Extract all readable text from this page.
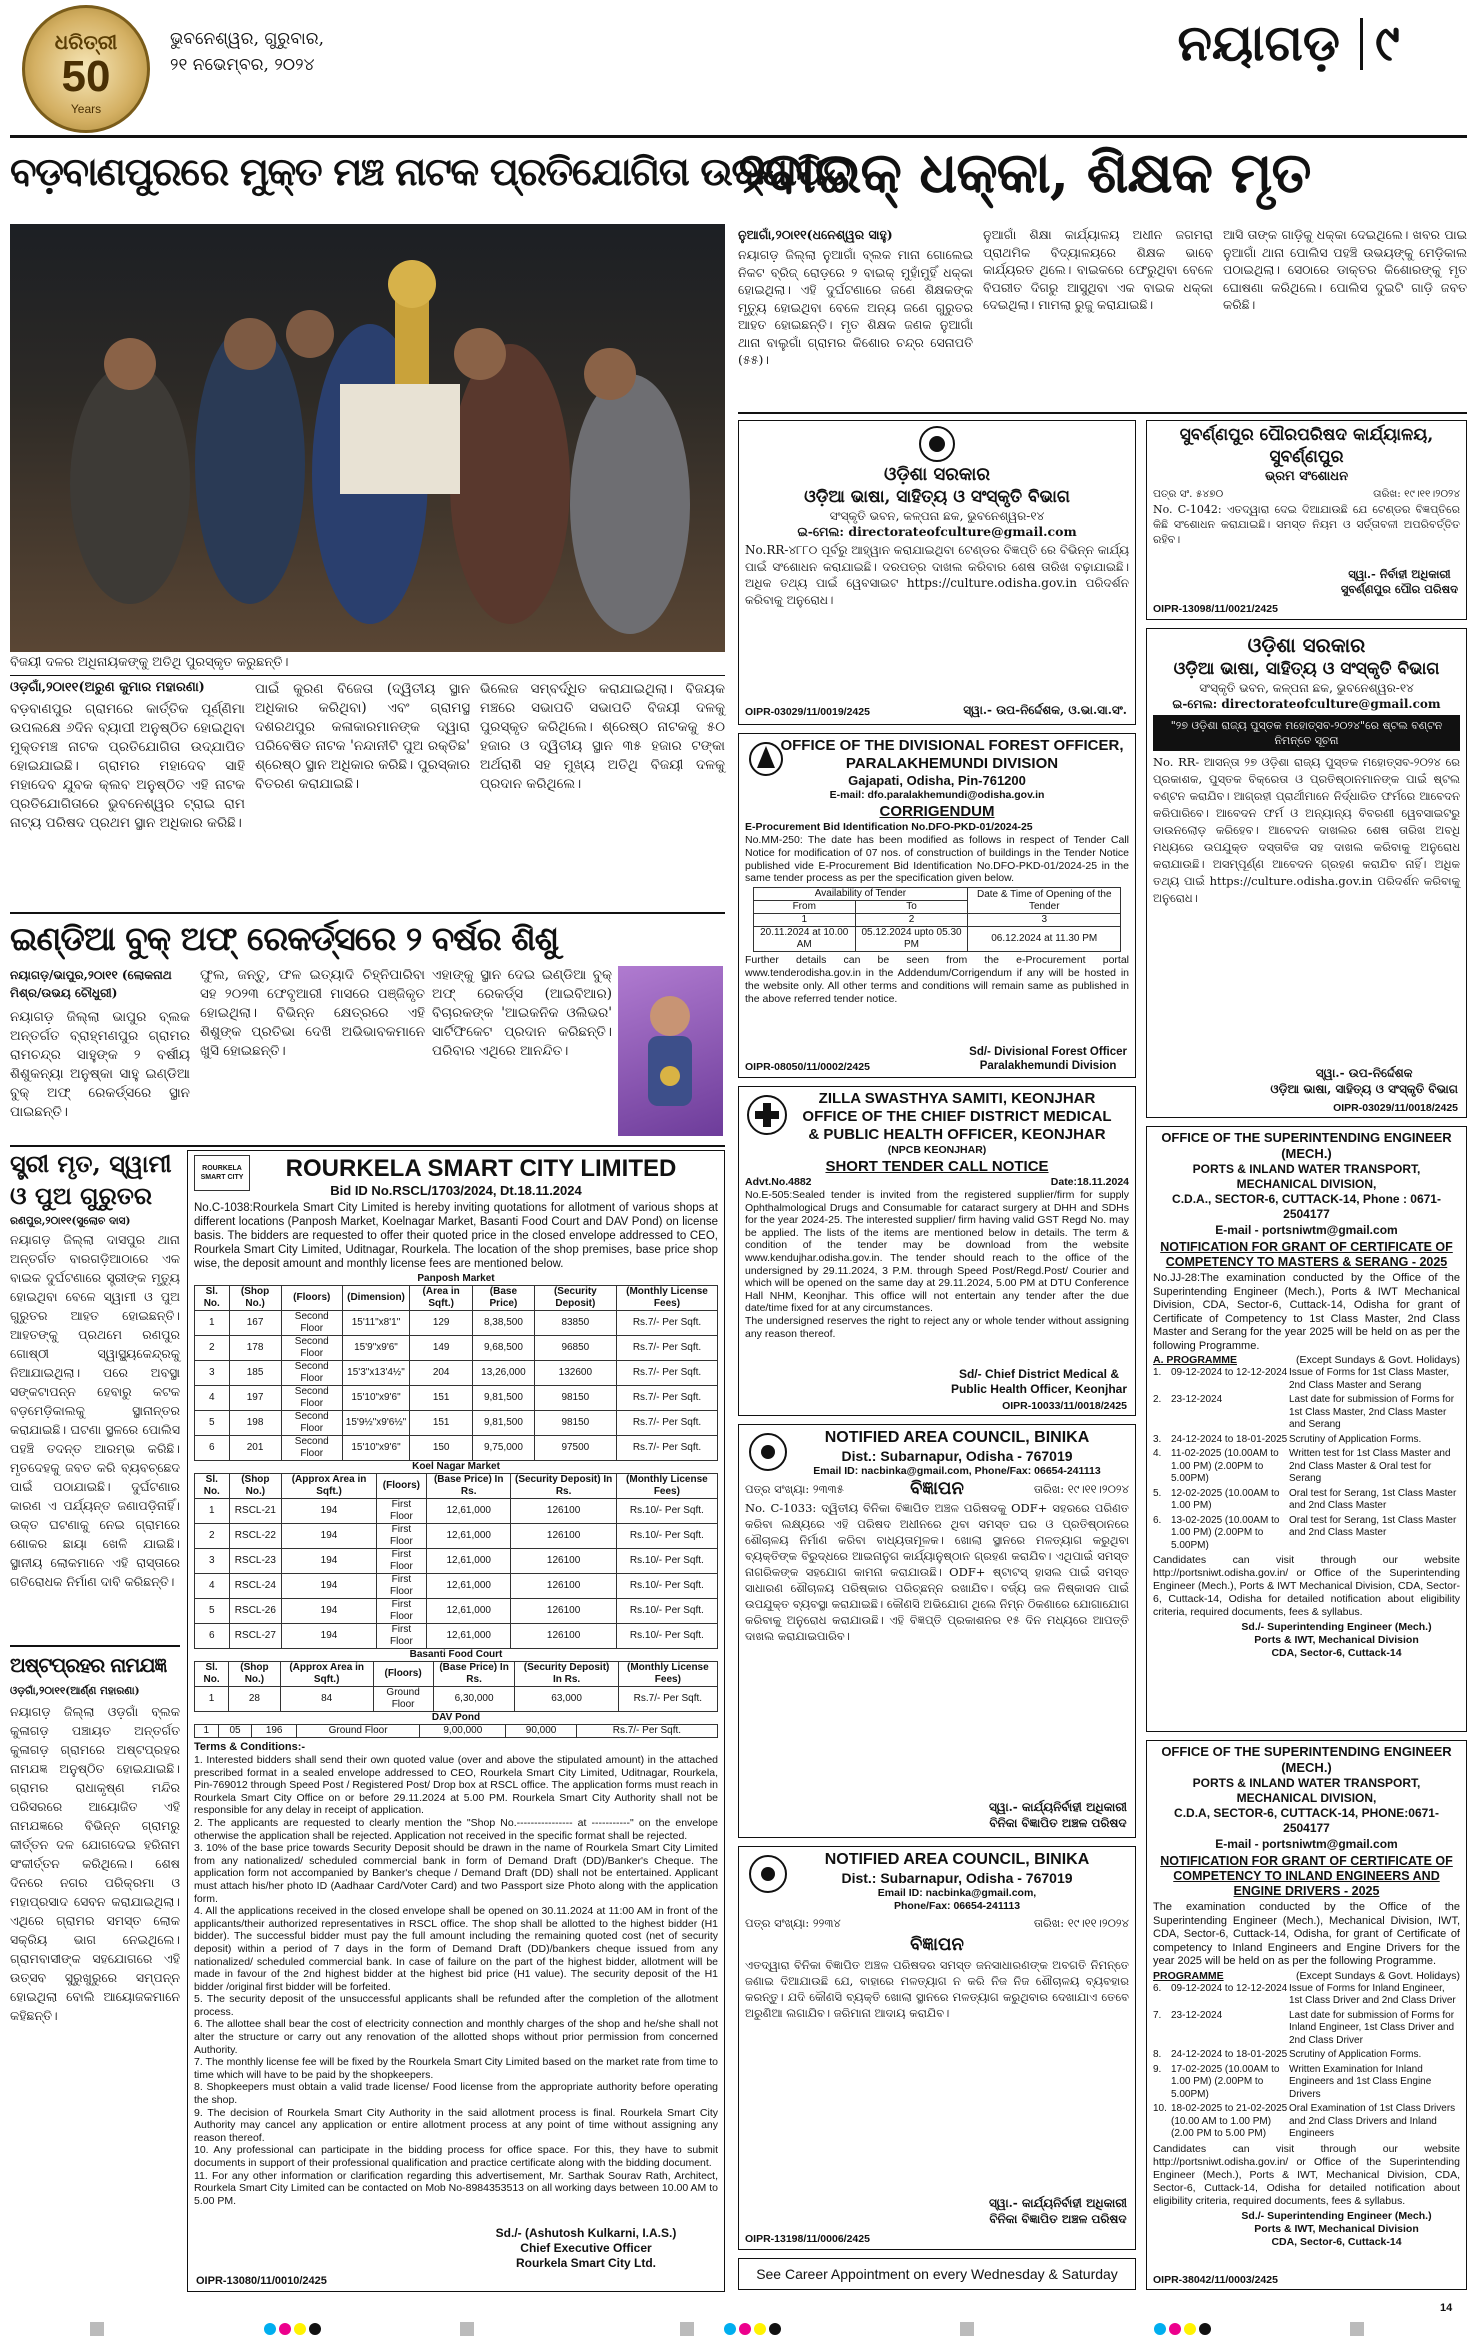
ଧରିତ୍ରୀ
50
Years
ଭୁବନେଶ୍ୱର, ଗୁରୁବାର,
୨୧ ନଭେମ୍ବର, ୨୦୨୪	ନୟାଗଡ଼ ୯
ବଡ଼ବାଣପୁରରେ ମୁକ୍ତ ମଞ୍ଚ ନାଟକ ପ୍ରତିଯୋଗିତା ଉଦ୍‌ଯାପିତ
୨ବାଇକ୍ ଧକ୍କା, ଶିକ୍ଷକ ମୃତ
ବିଜୟୀ ଦଳର ଅଧିନାୟକଙ୍କୁ ଅତିଥି ପୁରସ୍କୃତ କରୁଛନ୍ତି।
ଓଡ଼ଗାଁ,୨୦ା୧୧(ଅରୁଣ କୁମାର ମହାରଣା)
ବଡ଼ବାଣପୁର ଗ୍ରାମରେ କାର୍ତ୍ତିକ ପୂର୍ଣ୍ଣିମା ଉପଲକ୍ଷେ ୬ଦିନ ବ୍ୟାପୀ ଅନୁଷ୍ଠିତ ହୋଇଥିବା ମୁକ୍ତମଞ୍ଚ ନାଟକ ପ୍ରତିଯୋଗିତା ଉଦ୍‌ଯାପିତ ହୋଇଯାଇଛି। ଗ୍ରାମର ମହାଦେବ ସାହି ମହାଦେବ ଯୁବକ କ୍ଲବ ଅନୁଷ୍ଠିତ ଏହି ନାଟକ ପ୍ରତିଯୋଗିତାରେ ଭୁବନେଶ୍ୱର ଟ୍ରାଇ ରାମ ନାଟ୍ୟ ପରିଷଦ ପ୍ରଥମ ସ୍ଥାନ ଅଧିକାର କରିଛି।
ପାଇଁ କୁରଣ ବିଜେତା (ଦ୍ୱିତୀୟ ସ୍ଥାନ ଅଧିକାର କରିଥିବା) ଏବଂ ଗ୍ରାମସ୍ଥ ଦଶରଥପୁର କଳାକାରମାନଙ୍କ ଦ୍ୱାରା ପରିବେଷିତ ନାଟକ 'ନନ୍ଦାନୀଟି ପୁଅ ରକ୍ତିଛ' ଶ୍ରେଷ୍ଠ ସ୍ଥାନ ଅଧିକାର କରିଛି। ପୁରସ୍କାର ବିତରଣ କରାଯାଇଛି।
ଭିଲେଜ ସମ୍ବର୍ଦ୍ଧିତ କରାଯାଇଥିଲା। ବିଜୟକ ମଞ୍ଚରେ ସଭାପତି ସଭାପତି ବିଜୟୀ ଦଳକୁ ପୁରସ୍କୃତ କରିଥିଲେ। ଶ୍ରେଷ୍ଠ ନାଟକକୁ ୫୦ ହଜାର ଓ ଦ୍ୱିତୀୟ ସ୍ଥାନ ୩୫ ହଜାର ଟଙ୍କା ଅର୍ଥରାଶି ସହ ମୁଖ୍ୟ ଅତିଥି ବିଜୟୀ ଦଳକୁ ପ୍ରଦାନ କରିଥିଲେ।
ଇଣ୍ଡିଆ ବୁକ୍ ଅଫ୍ ରେକର୍ଡ୍‌ସରେ ୨ ବର୍ଷର ଶିଶୁ
ନୟାଗଡ଼/ଭାପୁର,୨୦ା୧୧ (ଲୋକନାଥ ମିଶ୍ର/ଉଭୟ ଚୌଧୁରୀ)
ନୟାଗଡ଼ ଜିଲ୍ଲା ଭାପୁର ବ୍ଲକ ଅନ୍ତର୍ଗତ ବ୍ରାହ୍ମଣପୁର ଗ୍ରାମର ରାମଚନ୍ଦ୍ର ସାହୁଙ୍କ ୨ ବର୍ଷୀୟ ଶିଶୁକନ୍ୟା ଅନୁଷ୍କା ସାହୁ ଇଣ୍ଡିଆ ବୁକ୍ ଅଫ୍ ରେକର୍ଡ୍‌ସରେ ସ୍ଥାନ ପାଇଛନ୍ତି।
ଫୁଲ, ଜନ୍ତୁ, ଫଳ ଇତ୍ୟାଦି ଚିହ୍ନିପାରିବା ସହ ୨୦୨୩ ଫେବୃଆରୀ ମାସରେ ପଞ୍ଜିକୃତ ହୋଇଥିଲା। ବିଭିନ୍ନ କ୍ଷେତ୍ରରେ ଏହି ଶିଶୁଙ୍କ ପ୍ରତିଭା ଦେଖି ଅଭିଭାବକମାନେ ଖୁସି ହୋଇଛନ୍ତି।
ଏହାଙ୍କୁ ସ୍ଥାନ ଦେଇ ଇଣ୍ଡିଆ ବୁକ୍ ଅଫ୍ ରେକର୍ଡ୍‌ସ (ଆଇବିଆର) ବିଚାରକଙ୍କ 'ଆଇକନିକ ଓଲିଭର' ସାର୍ଟିଫିକେଟ ପ୍ରଦାନ କରିଛନ୍ତି। ପରିବାର ଏଥିରେ ଆନନ୍ଦିତ।
ସ୍ତ୍ରୀ ମୃତ, ସ୍ୱାମୀ ଓ ପୁଅ ଗୁରୁତର
ରଣପୁର,୨୦ା୧୧(ସୁଲୋଚ ଦାସ)
ନୟାଗଡ଼ ଜିଲ୍ଲା ଦାସପୁର ଥାନା ଅନ୍ତର୍ଗତ ବାରଗଡ଼ିଆଠାରେ ଏକ ବାଇକ ଦୁର୍ଘଟଣାରେ ସ୍ତ୍ରୀଙ୍କ ମୃତ୍ୟୁ ହୋଇଥିବା ବେଳେ ସ୍ୱାମୀ ଓ ପୁଅ ଗୁରୁତର ଆହତ ହୋଇଛନ୍ତି। ଆହତଙ୍କୁ ପ୍ରଥମେ ରଣପୁର ଗୋଷ୍ଠୀ ସ୍ୱାସ୍ଥ୍ୟକେନ୍ଦ୍ରକୁ ନିଆଯାଇଥିଲା। ପରେ ଅବସ୍ଥା ସଙ୍କଟାପନ୍ନ ହେବାରୁ କଟକ ବଡ଼ମେଡ଼ିକାଲକୁ ସ୍ଥାନାନ୍ତର କରାଯାଇଛି। ଘଟଣା ସ୍ଥଳରେ ପୋଲିସ ପହଞ୍ଚି ତଦନ୍ତ ଆରମ୍ଭ କରିଛି। ମୃତଦେହକୁ ଜବତ କରି ବ୍ୟବଚ୍ଛେଦ ପାଇଁ ପଠାଯାଇଛି। ଦୁର୍ଘଟଣାର କାରଣ ଏ ପର୍ଯ୍ୟନ୍ତ ଜଣାପଡ଼ିନାହିଁ। ଉକ୍ତ ଘଟଣାକୁ ନେଇ ଗ୍ରାମରେ ଶୋକର ଛାୟା ଖେଳି ଯାଇଛି। ସ୍ଥାନୀୟ ଲୋକମାନେ ଏହି ରାସ୍ତାରେ ଗତିରୋଧକ ନିର୍ମାଣ ଦାବି କରିଛନ୍ତି।
ଅଷ୍ଟପ୍ରହର ନାମଯଜ୍ଞ
ଓଡ଼ଗାଁ,୨୦ା୧୧(ଆର୍ଣ୍ଣ ମହାରଣା)
ନୟାଗଡ଼ ଜିଲ୍ଲା ଓଡ଼ଗାଁ ବ୍ଲକ କୁଳାଗଡ଼ ପଞ୍ଚାୟତ ଅନ୍ତର୍ଗତ କୁଳାଗଡ଼ ଗ୍ରାମରେ ଅଷ୍ଟପ୍ରହର ନାମଯଜ୍ଞ ଅନୁଷ୍ଠିତ ହୋଇଯାଇଛି। ଗ୍ରାମର ରାଧାକୃଷ୍ଣ ମନ୍ଦିର ପରିସରରେ ଆୟୋଜିତ ଏହି ନାମଯଜ୍ଞରେ ବିଭିନ୍ନ ଗ୍ରାମରୁ କୀର୍ତ୍ତନ ଦଳ ଯୋଗଦେଇ ହରିନାମ ସଂକୀର୍ତ୍ତନ କରିଥିଲେ। ଶେଷ ଦିନରେ ନଗର ପରିକ୍ରମା ଓ ମହାପ୍ରସାଦ ସେବନ କରାଯାଇଥିଲା। ଏଥିରେ ଗ୍ରାମର ସମସ୍ତ ଲୋକ ସକ୍ରିୟ ଭାଗ ନେଇଥିଲେ। ଗ୍ରାମବାସୀଙ୍କ ସହଯୋଗରେ ଏହି ଉତ୍ସବ ସୁରୁଖୁରୁରେ ସମ୍ପନ୍ନ ହୋଇଥିଲା ବୋଲି ଆୟୋଜକମାନେ କହିଛନ୍ତି।
ROURKELA SMART CITY	ROURKELA SMART CITY LIMITED
Bid ID No.RSCL/1703/2024, Dt.18.11.2024
No.C-1038:Rourkela Smart City Limited is hereby inviting quotations for allotment of various shops at different locations (Panposh Market, Koelnagar Market, Basanti Food Court and DAV Pond) on license basis. The bidders are requested to offer their quoted price in the closed envelope addressed to CEO, Rourkela Smart City Limited, Uditnagar, Rourkela. The location of the shop premises, base price shop wise, the deposit amount and monthly license fees are mentioned below.
Panposh Market
Sl. No.	(Shop No.)	(Floors)	(Dimension)	(Area in Sqft.)	(Base Price)	(Security Deposit)	(Monthly License Fees)
1	167	Second Floor	15'11"x8'1"	129	8,38,500	83850	Rs.7/- Per Sqft.
2	178	Second Floor	15'9"x9'6"	149	9,68,500	96850	Rs.7/- Per Sqft.
3	185	Second Floor	15'3"x13'4½"	204	13,26,000	132600	Rs.7/- Per Sqft.
4	197	Second Floor	15'10"x9'6"	151	9,81,500	98150	Rs.7/- Per Sqft.
5	198	Second Floor	15'9½"x9'6½"	151	9,81,500	98150	Rs.7/- Per Sqft.
6	201	Second Floor	15'10"x9'6"	150	9,75,000	97500	Rs.7/- Per Sqft.
Koel Nagar Market
Sl. No.	(Shop No.)	(Approx Area in Sqft.)	(Floors)	(Base Price) In Rs.	(Security Deposit) In Rs.	(Monthly License Fees)
1	RSCL-21	194	First Floor	12,61,000	126100	Rs.10/- Per Sqft.
2	RSCL-22	194	First Floor	12,61,000	126100	Rs.10/- Per Sqft.
3	RSCL-23	194	First Floor	12,61,000	126100	Rs.10/- Per Sqft.
4	RSCL-24	194	First Floor	12,61,000	126100	Rs.10/- Per Sqft.
5	RSCL-26	194	First Floor	12,61,000	126100	Rs.10/- Per Sqft.
6	RSCL-27	194	First Floor	12,61,000	126100	Rs.10/- Per Sqft.
Basanti Food Court
Sl. No.	(Shop No.)	(Approx Area in Sqft.)	(Floors)	(Base Price) In Rs.	(Security Deposit) In Rs.	(Monthly License Fees)
1	28	84	Ground Floor	6,30,000	63,000	Rs.7/- Per Sqft.
DAV Pond
1	05	196	Ground Floor	9,00,000	90,000	Rs.7/- Per Sqft.
Terms & Conditions:-
1. Interested bidders shall send their own quoted value (over and above the stipulated amount) in the attached prescribed format in a sealed envelope addressed to CEO, Rourkela Smart City Limited, Uditnagar, Rourkela, Pin-769012 through Speed Post / Registered Post/ Drop box at RSCL office. The application forms must reach in Rourkela Smart City Office on or before 29.11.2024 at 5.00 PM. Rourkela Smart City Authority shall not be responsible for any delay in receipt of application.
2. The applicants are requested to clearly mention the "Shop No.---------------- at -----------" on the envelope otherwise the application shall be rejected. Application not received in the specific format shall be rejected.
3. 10% of the base price towards Security Deposit should be drawn in the name of Rourkela Smart City Limited from any nationalized/ scheduled commercial bank in form of Demand Draft (DD)/Banker's Cheque. The application form not accompanied by Banker's cheque / Demand Draft (DD) shall not be entertained. Applicant must attach his/her photo ID (Aadhaar Card/Voter Card) and two Passport size Photo along with the application form.
4. All the applications received in the closed envelope shall be opened on 30.11.2024 at 11:00 AM in front of the applicants/their authorized representatives in RSCL office. The shop shall be allotted to the highest bidder (H1 bidder). The successful bidder must pay the full amount including the remaining quoted cost (net of security deposit) within a period of 7 days in the form of Demand Draft (DD)/bankers cheque issued from any nationalized/ scheduled commercial bank. In case of failure on the part of the highest bidder, allotment will be made in favour of the 2nd highest bidder at the highest bid price (H1 value). The security deposit of the H1 bidder /original first bidder will be forfeited.
5. The security deposit of the unsuccessful applicants shall be refunded after the completion of the allotment process.
6. The allottee shall bear the cost of electricity connection and monthly charges of the shop and he/she shall not alter the structure or carry out any renovation of the allotted shops without prior permission from concerned Authority.
7. The monthly license fee will be fixed by the Rourkela Smart City Limited based on the market rate from time to time which will have to be paid by the shopkeepers.
8. Shopkeepers must obtain a valid trade license/ Food license from the appropriate authority before operating the shop.
9. The decision of Rourkela Smart City Authority in the said allotment process is final. Rourkela Smart City Authority may cancel any application or entire allotment process at any point of time without assigning any reason thereof.
10. Any professional can participate in the bidding process for office space. For this, they have to submit documents in support of their professional qualification and practice certificate along with the bidding document.
11. For any other information or clarification regarding this advertisement, Mr. Sarthak Sourav Rath, Architect, Rourkela Smart City Limited can be contacted on Mob No-8984353513 on all working days between 10.00 AM to 5.00 PM.
Sd./- (Ashutosh Kulkarni, I.A.S.)
Chief Executive Officer
Rourkela Smart City Ltd.
OIPR-13080/11/0010/2425
ନୁଆଗାଁ,୨୦ା୧୧(ଧନେଶ୍ୱର ସାହୁ)
ନୟାଗଡ଼ ଜିଲ୍ଲା ନୁଆଗାଁ ବ୍ଲକ ମାନା ଗୋଲେଇ ନିକଟ ବ୍ରିଜ୍ ରୋଡ଼ରେ ୨ ବାଇକ୍ ମୁହାଁମୁହିଁ ଧକ୍କା ହୋଇଥିଲା। ଏହି ଦୁର୍ଘଟଣାରେ ଜଣେ ଶିକ୍ଷକଙ୍କ ମୃତ୍ୟୁ ହୋଇଥିବା ବେଳେ ଅନ୍ୟ ଜଣେ ଗୁରୁତର ଆହତ ହୋଇଛନ୍ତି। ମୃତ ଶିକ୍ଷକ ଜଣକ ନୁଆଗାଁ ଥାନା ବାଲୁଗାଁ ଗ୍ରାମର କିଶୋର ଚନ୍ଦ୍ର ସେନାପତି (୫୫)।
ନୁଆଗାଁ ଶିକ୍ଷା କାର୍ଯ୍ୟାଳୟ ଅଧୀନ ଜଗମରା ପ୍ରାଥମିକ ବିଦ୍ୟାଳୟରେ ଶିକ୍ଷକ ଭାବେ କାର୍ଯ୍ୟରତ ଥିଲେ। ବାଇକରେ ଫେରୁଥିବା ବେଳେ ବିପରୀତ ଦିଗରୁ ଆସୁଥିବା ଏକ ବାଇକ ଧକ୍କା ଦେଇଥିଲା। ମାମଲା ରୁଜୁ କରାଯାଇଛି।
ଆସି ତାଙ୍କ ଗାଡ଼ିକୁ ଧକ୍କା ଦେଇଥିଲେ। ଖବର ପାଇ ନୁଆଗାଁ ଥାନା ପୋଲିସ ପହଞ୍ଚି ଉଭୟଙ୍କୁ ମେଡ଼ିକାଲ ପଠାଇଥିଲା। ସେଠାରେ ଡାକ୍ତର କିଶୋରଙ୍କୁ ମୃତ ଘୋଷଣା କରିଥିଲେ। ପୋଲିସ ଦୁଇଟି ଗାଡ଼ି ଜବତ କରିଛି।
ଓଡ଼ିଶା ସରକାର
ଓଡ଼ିଆ ଭାଷା, ସାହିତ୍ୟ ଓ ସଂସ୍କୃତି ବିଭାଗ
ସଂସ୍କୃତି ଭବନ, କଳ୍ପନା ଛକ, ଭୁବନେଶ୍ୱର-୧୪
ଇ-ମେଲ: directorateofculture@gmail.com
No.RR-୪୮୮୦ ପୂର୍ବରୁ ଆହ୍ୱାନ କରାଯାଇଥିବା ଟେଣ୍ଡର ବିଜ୍ଞପ୍ତି ରେ ବିଭିନ୍ନ କାର୍ଯ୍ୟ ପାଇଁ ସଂଶୋଧନ କରାଯାଇଛି। ଦରପତ୍ର ଦାଖଲ କରିବାର ଶେଷ ତାରିଖ ବଢ଼ାଯାଇଛି। ଅଧିକ ତଥ୍ୟ ପାଇଁ ୱେବସାଇଟ https://culture.odisha.gov.in ପରିଦର୍ଶନ କରିବାକୁ ଅନୁରୋଧ।
ସ୍ୱା.- ଉପ-ନିର୍ଦ୍ଦେଶକ, ଓ.ଭା.ସା.ସଂ.
OIPR-03029/11/0019/2425
OFFICE OF THE DIVISIONAL FOREST OFFICER,
PARALAKHEMUNDI DIVISION
Gajapati, Odisha, Pin-761200
E-mail: dfo.paralakhemundi@odisha.gov.in
CORRIGENDUM
E-Procurement Bid Identification No.DFO-PKD-01/2024-25
No.MM-250: The date has been modified as follows in respect of Tender Call Notice for modification of 07 nos. of construction of buildings in the Tender Notice published vide E-Procurement Bid Identification No.DFO-PKD-01/2024-25 in the same tender process as per the specification given below.
Availability of Tender		Date & Time of Opening of the Tender
From	To	
1	2	3
20.11.2024 at 10.00 AM	05.12.2024 upto 05.30 PM	06.12.2024 at 11.30 PM
Further details can be seen from the e-Procurement portal www.tenderodisha.gov.in in the Addendum/Corrigendum if any will be hosted in the website only. All other terms and conditions will remain same as published in the above referred tender notice.
Sd/- Divisional Forest Officer
Paralakhemundi Division
OIPR-08050/11/0002/2425
ZILLA SWASTHYA SAMITI, KEONJHAR
OFFICE OF THE CHIEF DISTRICT MEDICAL
& PUBLIC HEALTH OFFICER, KEONJHAR
(NPCB KEONJHAR)
SHORT TENDER CALL NOTICE
Advt.No.4882	Date:18.11.2024
No.E-505:Sealed tender is invited from the registered supplier/firm for supply Ophthalmological Drugs and Consumable for cataract surgery at DHH and SDHs for the year 2024-25. The interested supplier/ firm having valid GST Regd No. may be applied. The lists of the items are mentioned below in details. The term & condition of the tender may be download from the website www.kendujhar.odisha.gov.in. The tender should reach to the office of the undersigned by 29.11.2024, 3 P.M. through Speed Post/Regd.Post/ Courier and which will be opened on the same day at 29.11.2024, 5.00 PM at DTU Conference Hall NHM, Keonjhar. This office will not entertain any tender after the due date/time fixed for at any circumstances.
The undersigned reserves the right to reject any or whole tender without assigning any reason thereof.
Sd/- Chief District Medical &
Public Health Officer, Keonjhar
OIPR-10033/11/0018/2425
NOTIFIED AREA COUNCIL, BINIKA
Dist.: Subarnapur, Odisha - 767019
Email ID: nacbinka@gmail.com, Phone/Fax: 06654-241113
ପତ୍ର ସଂଖ୍ୟା: ୨୩୩୫	ବିଜ୍ଞାପନ	ତାରିଖ: ୧୯।୧୧।୨୦୨୪
No. C-1033: ଦ୍ୱିତୀୟ ବିନିକା ବିଜ୍ଞାପିତ ଅଞ୍ଚଳ ପରିଷଦକୁ ODF+ ସହରରେ ପରିଣତ କରିବା ଲକ୍ଷ୍ୟରେ ଏହି ପରିଷଦ ଅଧୀନରେ ଥିବା ସମସ୍ତ ଘର ଓ ପ୍ରତିଷ୍ଠାନରେ ଶୌଚାଳୟ ନିର୍ମାଣ କରିବା ବାଧ୍ୟତାମୂଳକ। ଖୋଲା ସ୍ଥାନରେ ମଳତ୍ୟାଗ କରୁଥିବା ବ୍ୟକ୍ତିଙ୍କ ବିରୁଦ୍ଧରେ ଆଇନାନୁଗ କାର୍ଯ୍ୟାନୁଷ୍ଠାନ ଗ୍ରହଣ କରାଯିବ। ଏଥିପାଇଁ ସମସ୍ତ ନାଗରିକଙ୍କ ସହଯୋଗ କାମନା କରାଯାଉଛି। ODF+ ଷ୍ଟାଟସ୍ ହାସଲ ପାଇଁ ସମସ୍ତ ସାଧାରଣ ଶୌଚାଳୟ ପରିଷ୍କାର ପରିଚ୍ଛନ୍ନ ରଖାଯିବ। ବର୍ଜ୍ୟ ଜଳ ନିଷ୍କାସନ ପାଇଁ ଉପଯୁକ୍ତ ବ୍ୟବସ୍ଥା କରାଯାଇଛି। କୌଣସି ଅଭିଯୋଗ ଥିଲେ ନିମ୍ନ ଠିକଣାରେ ଯୋଗାଯୋଗ କରିବାକୁ ଅନୁରୋଧ କରାଯାଉଛି। ଏହି ବିଜ୍ଞପ୍ତି ପ୍ରକାଶନର ୧୫ ଦିନ ମଧ୍ୟରେ ଆପତ୍ତି ଦାଖଲ କରାଯାଇପାରିବ।
ସ୍ୱା.- କାର୍ଯ୍ୟନିର୍ବାହୀ ଅଧିକାରୀ
ବିନିକା ବିଜ୍ଞାପିତ ଅଞ୍ଚଳ ପରିଷଦ
NOTIFIED AREA COUNCIL, BINIKA
Dist.: Subarnapur, Odisha - 767019
Email ID: nacbinka@gmail.com,
Phone/Fax: 06654-241113
ପତ୍ର ସଂଖ୍ୟା: ୨୨୩୪	ତାରିଖ: ୧୯।୧୧।୨୦୨୪
ବିଜ୍ଞାପନ
ଏତଦ୍ୱାରା ବିନିକା ବିଜ୍ଞାପିତ ଅଞ୍ଚଳ ପରିଷଦର ସମସ୍ତ ଜନସାଧାରଣଙ୍କ ଅବଗତି ନିମନ୍ତେ ଜଣାଇ ଦିଆଯାଉଛି ଯେ, ବାହାରେ ମଳତ୍ୟାଗ ନ କରି ନିଜ ନିଜ ଶୌଚାଳୟ ବ୍ୟବହାର କରନ୍ତୁ। ଯଦି କୌଣସି ବ୍ୟକ୍ତି ଖୋଲା ସ୍ଥାନରେ ମଳତ୍ୟାଗ କରୁଥିବାର ଦେଖାଯାଏ ତେବେ ଅରୁଣିଆ ଲଗାଯିବ। ଜରିମାନା ଆଦାୟ କରାଯିବ।
ସ୍ୱା.- କାର୍ଯ୍ୟନିର୍ବାହୀ ଅଧିକାରୀ
ବିନିକା ବିଜ୍ଞାପିତ ଅଞ୍ଚଳ ପରିଷଦ
OIPR-13198/11/0006/2425
See Career Appointment on every Wednesday & Saturday
ସୁବର୍ଣ୍ଣପୁର ପୌରପରିଷଦ କାର୍ଯ୍ୟାଳୟ, ସୁବର୍ଣ୍ଣପୁର
ଭ୍ରମ ସଂଶୋଧନ
ପତ୍ର ସଂ. ୫୪୭୦	ତାରିଖ: ୧୯।୧୧।୨୦୨୪
No. C-1042: ଏତଦ୍ୱାରା ଦେଇ ଦିଆଯାଉଛି ଯେ ଟେଣ୍ଡର ବିଜ୍ଞପ୍ତିରେ କିଛି ସଂଶୋଧନ କରାଯାଇଛି। ସମସ୍ତ ନିୟମ ଓ ସର୍ତ୍ତାବଳୀ ଅପରିବର୍ତ୍ତିତ ରହିବ।
ସ୍ୱା.- ନିର୍ବାହୀ ଅଧିକାରୀ
ସୁବର୍ଣ୍ଣପୁର ପୌର ପରିଷଦ
OIPR-13098/11/0021/2425
ଓଡ଼ିଶା ସରକାର
ଓଡ଼ିଆ ଭାଷା, ସାହିତ୍ୟ ଓ ସଂସ୍କୃତି ବିଭାଗ
ସଂସ୍କୃତି ଭବନ, କଳ୍ପନା ଛକ, ଭୁବନେଶ୍ୱର-୧୪
ଇ-ମେଲ: directorateofculture@gmail.com
"୨୭ ଓଡ଼ିଶା ରାଜ୍ୟ ପୁସ୍ତକ ମହୋତ୍ସବ-୨୦୨୪"ରେ ଷ୍ଟଲ ବଣ୍ଟନ ନିମନ୍ତେ ସୂଚନା
No. RR- ଆସନ୍ତା ୨୭ ଓଡ଼ିଶା ରାଜ୍ୟ ପୁସ୍ତକ ମହୋତ୍ସବ-୨୦୨୪ ରେ ପ୍ରକାଶକ, ପୁସ୍ତକ ବିକ୍ରେତା ଓ ପ୍ରତିଷ୍ଠାନମାନଙ୍କ ପାଇଁ ଷ୍ଟଲ ବଣ୍ଟନ କରାଯିବ। ଆଗ୍ରହୀ ପ୍ରାର୍ଥୀମାନେ ନିର୍ଦ୍ଧାରିତ ଫର୍ମରେ ଆବେଦନ କରିପାରିବେ। ଆବେଦନ ଫର୍ମ ଓ ଅନ୍ୟାନ୍ୟ ବିବରଣୀ ୱେବସାଇଟରୁ ଡାଉନଲୋଡ଼ କରିହେବ। ଆବେଦନ ଦାଖଲର ଶେଷ ତାରିଖ ଅବଧି ମଧ୍ୟରେ ଉପଯୁକ୍ତ ଦସ୍ତାବିଜ ସହ ଦାଖଲ କରିବାକୁ ଅନୁରୋଧ କରାଯାଉଛି। ଅସମ୍ପୂର୍ଣ୍ଣ ଆବେଦନ ଗ୍ରହଣ କରାଯିବ ନାହିଁ। ଅଧିକ ତଥ୍ୟ ପାଇଁ https://culture.odisha.gov.in ପରିଦର୍ଶନ କରିବାକୁ ଅନୁରୋଧ।
ସ୍ୱା.- ଉପ-ନିର୍ଦ୍ଦେଶକ
ଓଡ଼ିଆ ଭାଷା, ସାହିତ୍ୟ ଓ ସଂସ୍କୃତି ବିଭାଗ
OIPR-03029/11/0018/2425
OFFICE OF THE SUPERINTENDING ENGINEER (MECH.)
PORTS & INLAND WATER TRANSPORT, MECHANICAL DIVISION,
C.D.A., SECTOR-6, CUTTACK-14, Phone : 0671-2504177
E-mail - portsniwtm@gmail.com
NOTIFICATION FOR GRANT OF CERTIFICATE OF COMPETENCY TO MASTERS & SERANG - 2025
No.JJ-28:The examination conducted by the Office of the Superintending Engineer (Mech.), Ports & IWT Mechanical Division, CDA, Sector-6, Cuttack-14, Odisha for grant of Certificate of Competency to 1st Class Master, 2nd Class Master and Serang for the year 2025 will be held on as per the following Programme.
A. PROGRAMME	(Except Sundays & Govt. Holidays)
1. 09-12-2024 to 12-12-2024 Issue of Forms for 1st Class Master, 2nd Class Master and Serang
2. 23-12-2024	Last date for submission of Forms for 1st Class Master, 2nd Class Master and Serang
3. 24-12-2024 to 18-01-2025 Scrutiny of Application Forms.
4. 11-02-2025 (10.00AM to 1.00 PM) (2.00PM to 5.00PM)
Written test for 1st Class Master and 2nd Class Master & Oral test for Serang
5. 12-02-2025 (10.00AM to 1.00 PM)
Oral test for Serang, 1st Class Master and 2nd Class Master
6. 13-02-2025 (10.00AM to 1.00 PM) (2.00PM to 5.00PM)
Oral test for Serang, 1st Class Master and 2nd Class Master
Candidates can visit through our website http://portsniwt.odisha.gov.in/ or Office of the Superintending Engineer (Mech.), Ports & IWT Mechanical Division, CDA, Sector-6, Cuttack-14, Odisha for detailed notification about eligibility criteria, required documents, fees & syllabus.
Sd./- Superintending Engineer (Mech.)
Ports & IWT, Mechanical Division
CDA, Sector-6, Cuttack-14
OFFICE OF THE SUPERINTENDING ENGINEER (MECH.)
PORTS & INLAND WATER TRANSPORT, MECHANICAL DIVISION,
C.D.A, SECTOR-6, CUTTACK-14, PHONE:0671-2504177
E-mail - portsniwtm@gmail.com
NOTIFICATION FOR GRANT OF CERTIFICATE OF COMPETENCY TO INLAND ENGINEERS AND ENGINE DRIVERS - 2025
The examination conducted by the Office of the Superintending Engineer (Mech.), Mechanical Division, IWT, CDA, Sector-6, Cuttack-14, Odisha, for grant of Certificate of competency to Inland Engineers and Engine Drivers for the year 2025 will be held on as per the following Programme.
PROGRAMME	(Except Sundays & Govt. Holidays)
6. 09-12-2024 to 12-12-2024 Issue of Forms for Inland Engineer, 1st Class Driver and 2nd Class Driver
7. 23-12-2024	Last date for submission of Forms for Inland Engineer, 1st Class Driver and 2nd Class Driver
8. 24-12-2024 to 18-01-2025 Scrutiny of Application Forms.
9. 17-02-2025 (10.00AM to 1.00 PM) (2.00PM to 5.00PM)
Written Examination for Inland Engineers and 1st Class Engine Drivers
10. 18-02-2025 to 21-02-2025 (10.00 AM to 1.00 PM) (2.00 PM to 5.00 PM)
Oral Examination of 1st Class Drivers and 2nd Class Drivers and Inland Engineers
Candidates can visit through our website http://portsniwt.odisha.gov.in/ or Office of the Superintending Engineer (Mech.), Ports & IWT, Mechanical Division, CDA, Sector-6, Cuttack-14, Odisha for detailed notification about eligibility criteria, required documents, fees & syllabus.
Sd./- Superintending Engineer (Mech.)
Ports & IWT, Mechanical Division
CDA, Sector-6, Cuttack-14
OIPR-38042/11/0003/2425
14
